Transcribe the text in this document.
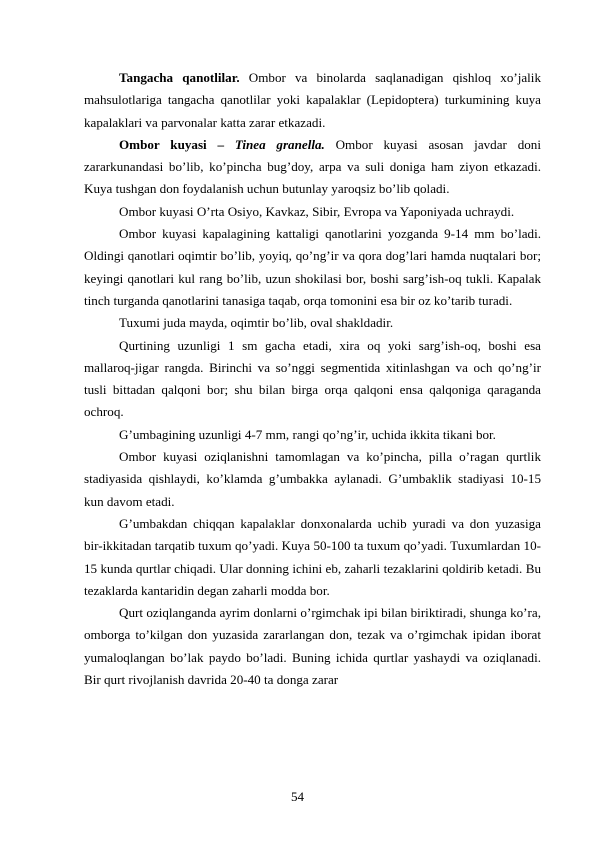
Tangacha qanotlilar. Ombor va binolarda saqlanadigan qishloq xo’jalik mahsulotlariga tangacha qanotlilar yoki kapalaklar (Lepidoptera) turkumining kuya kapalaklari va parvonalar katta zarar etkazadi.

Ombor kuyasi – Tinea granella. Ombor kuyasi asosan javdar doni zararkunandasi bo’lib, ko’pincha bug’doy, arpa va suli doniga ham ziyon etkazadi. Kuya tushgan don foydalanish uchun butunlay yaroqsiz bo’lib qoladi.

Ombor kuyasi O’rta Osiyo, Kavkaz, Sibir, Evropa va Yaponiyada uchraydi.

Ombor kuyasi kapalagining kattaligi qanotlarini yozganda 9-14 mm bo’ladi. Oldingi qanotlari oqimtir bo’lib, yoyiq, qo’ng’ir va qora dog’lari hamda nuqtalari bor; keyingi qanotlari kul rang bo’lib, uzun shokilasi bor, boshi sarg’ish-oq tukli. Kapalak tinch turganda qanotlarini tanasiga taqab, orqa tomonini esa bir oz ko’tarib turadi.

Tuxumi juda mayda, oqimtir bo’lib, oval shakldadir.

Qurtining uzunligi 1 sm gacha etadi, xira oq yoki sarg’ish-oq, boshi esa mallaroq-jigar rangda. Birinchi va so’nggi segmentida xitinlashgan va och qo’ng’ir tusli bittadan qalqoni bor; shu bilan birga orqa qalqoni ensa qalqoniga qaraganda ochroq.

G’umbagining uzunligi 4-7 mm, rangi qo’ng’ir, uchida ikkita tikani bor.

Ombor kuyasi oziqlanishni tamomlagan va ko’pincha, pilla o’ragan qurtlik stadiyasida qishlaydi, ko’klamda g’umbakka aylanadi. G’umbaklik stadiyasi 10-15 kun davom etadi.

G’umbakdan chiqqan kapalaklar donxonalarda uchib yuradi va don yuzasiga bir-ikkitadan tarqatib tuxum qo’yadi. Kuya 50-100 ta tuxum qo’yadi. Tuxumlardan 10-15 kunda qurtlar chiqadi. Ular donning ichini eb, zaharli tezaklarini qoldirib ketadi. Bu tezaklarda kantaridin degan zaharli modda bor.

Qurt oziqlanganda ayrim donlarni o’rgimchak ipi bilan biriktiradi, shunga ko’ra, omborga to’kilgan don yuzasida zararlangan don, tezak va o’rgimchak ipidan iborat yumaloqlangan bo’lak paydo bo’ladi. Buning ichida qurtlar yashaydi va oziqlanadi. Bir qurt rivojlanish davrida 20-40 ta donga zarar

54
